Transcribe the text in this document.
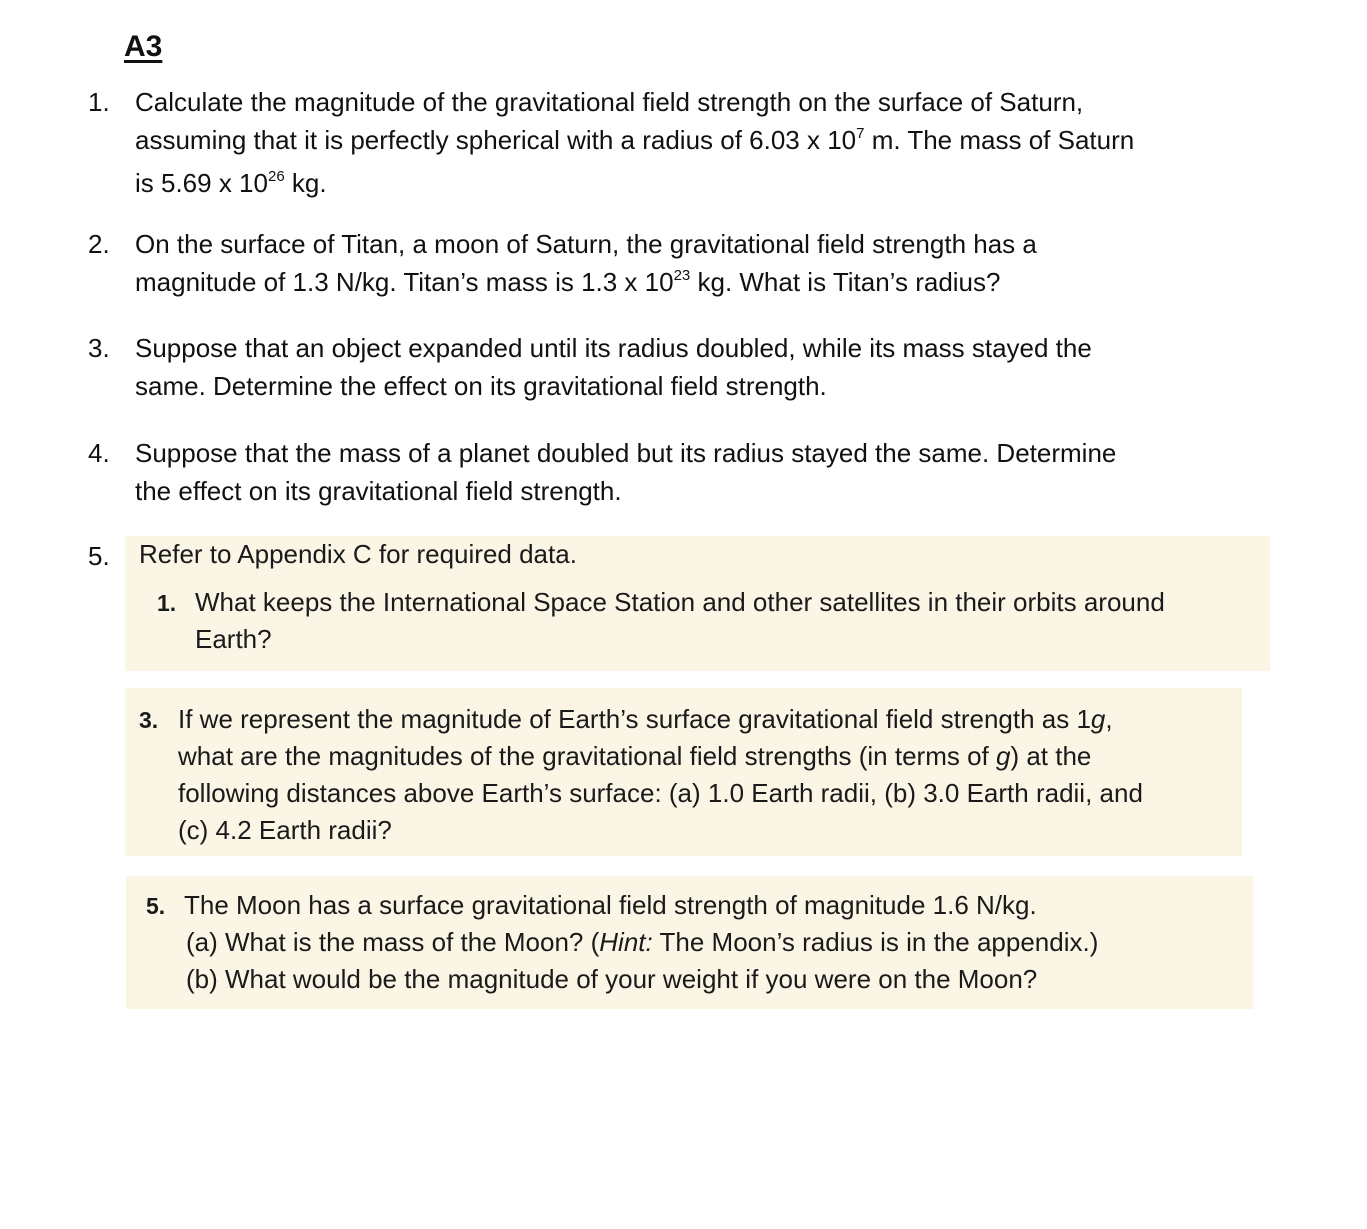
A3
1. Calculate the magnitude of the gravitational field strength on the surface of Saturn,
assuming that it is perfectly spherical with a radius of 6.03 x $10^7$ m. The mass of Saturn
is 5.69 x $10^{26}$ kg.
2. On the surface of Titan, a moon of Saturn, the gravitational field strength has a
magnitude of 1.3 N/kg. Titan’s mass is 1.3 x $10^{23}$ kg. What is Titan’s radius?
3. Suppose that an object expanded until its radius doubled, while its mass stayed the
same. Determine the effect on its gravitational field strength.
4. Suppose that the mass of a planet doubled but its radius stayed the same. Determine
the effect on its gravitational field strength.
5. Refer to Appendix C for required data.
1. What keeps the International Space Station and other satellites in their orbits around
Earth?
3. If we represent the magnitude of Earth’s surface gravitational field strength as 1g,
what are the magnitudes of the gravitational field strengths (in terms of g) at the
following distances above Earth’s surface: (a) 1.0 Earth radii, (b) 3.0 Earth radii, and
(c) 4.2 Earth radii?
5. The Moon has a surface gravitational field strength of magnitude 1.6 N/kg.
(a) What is the mass of the Moon? (Hint: The Moon’s radius is in the appendix.)
(b) What would be the magnitude of your weight if you were on the Moon?
